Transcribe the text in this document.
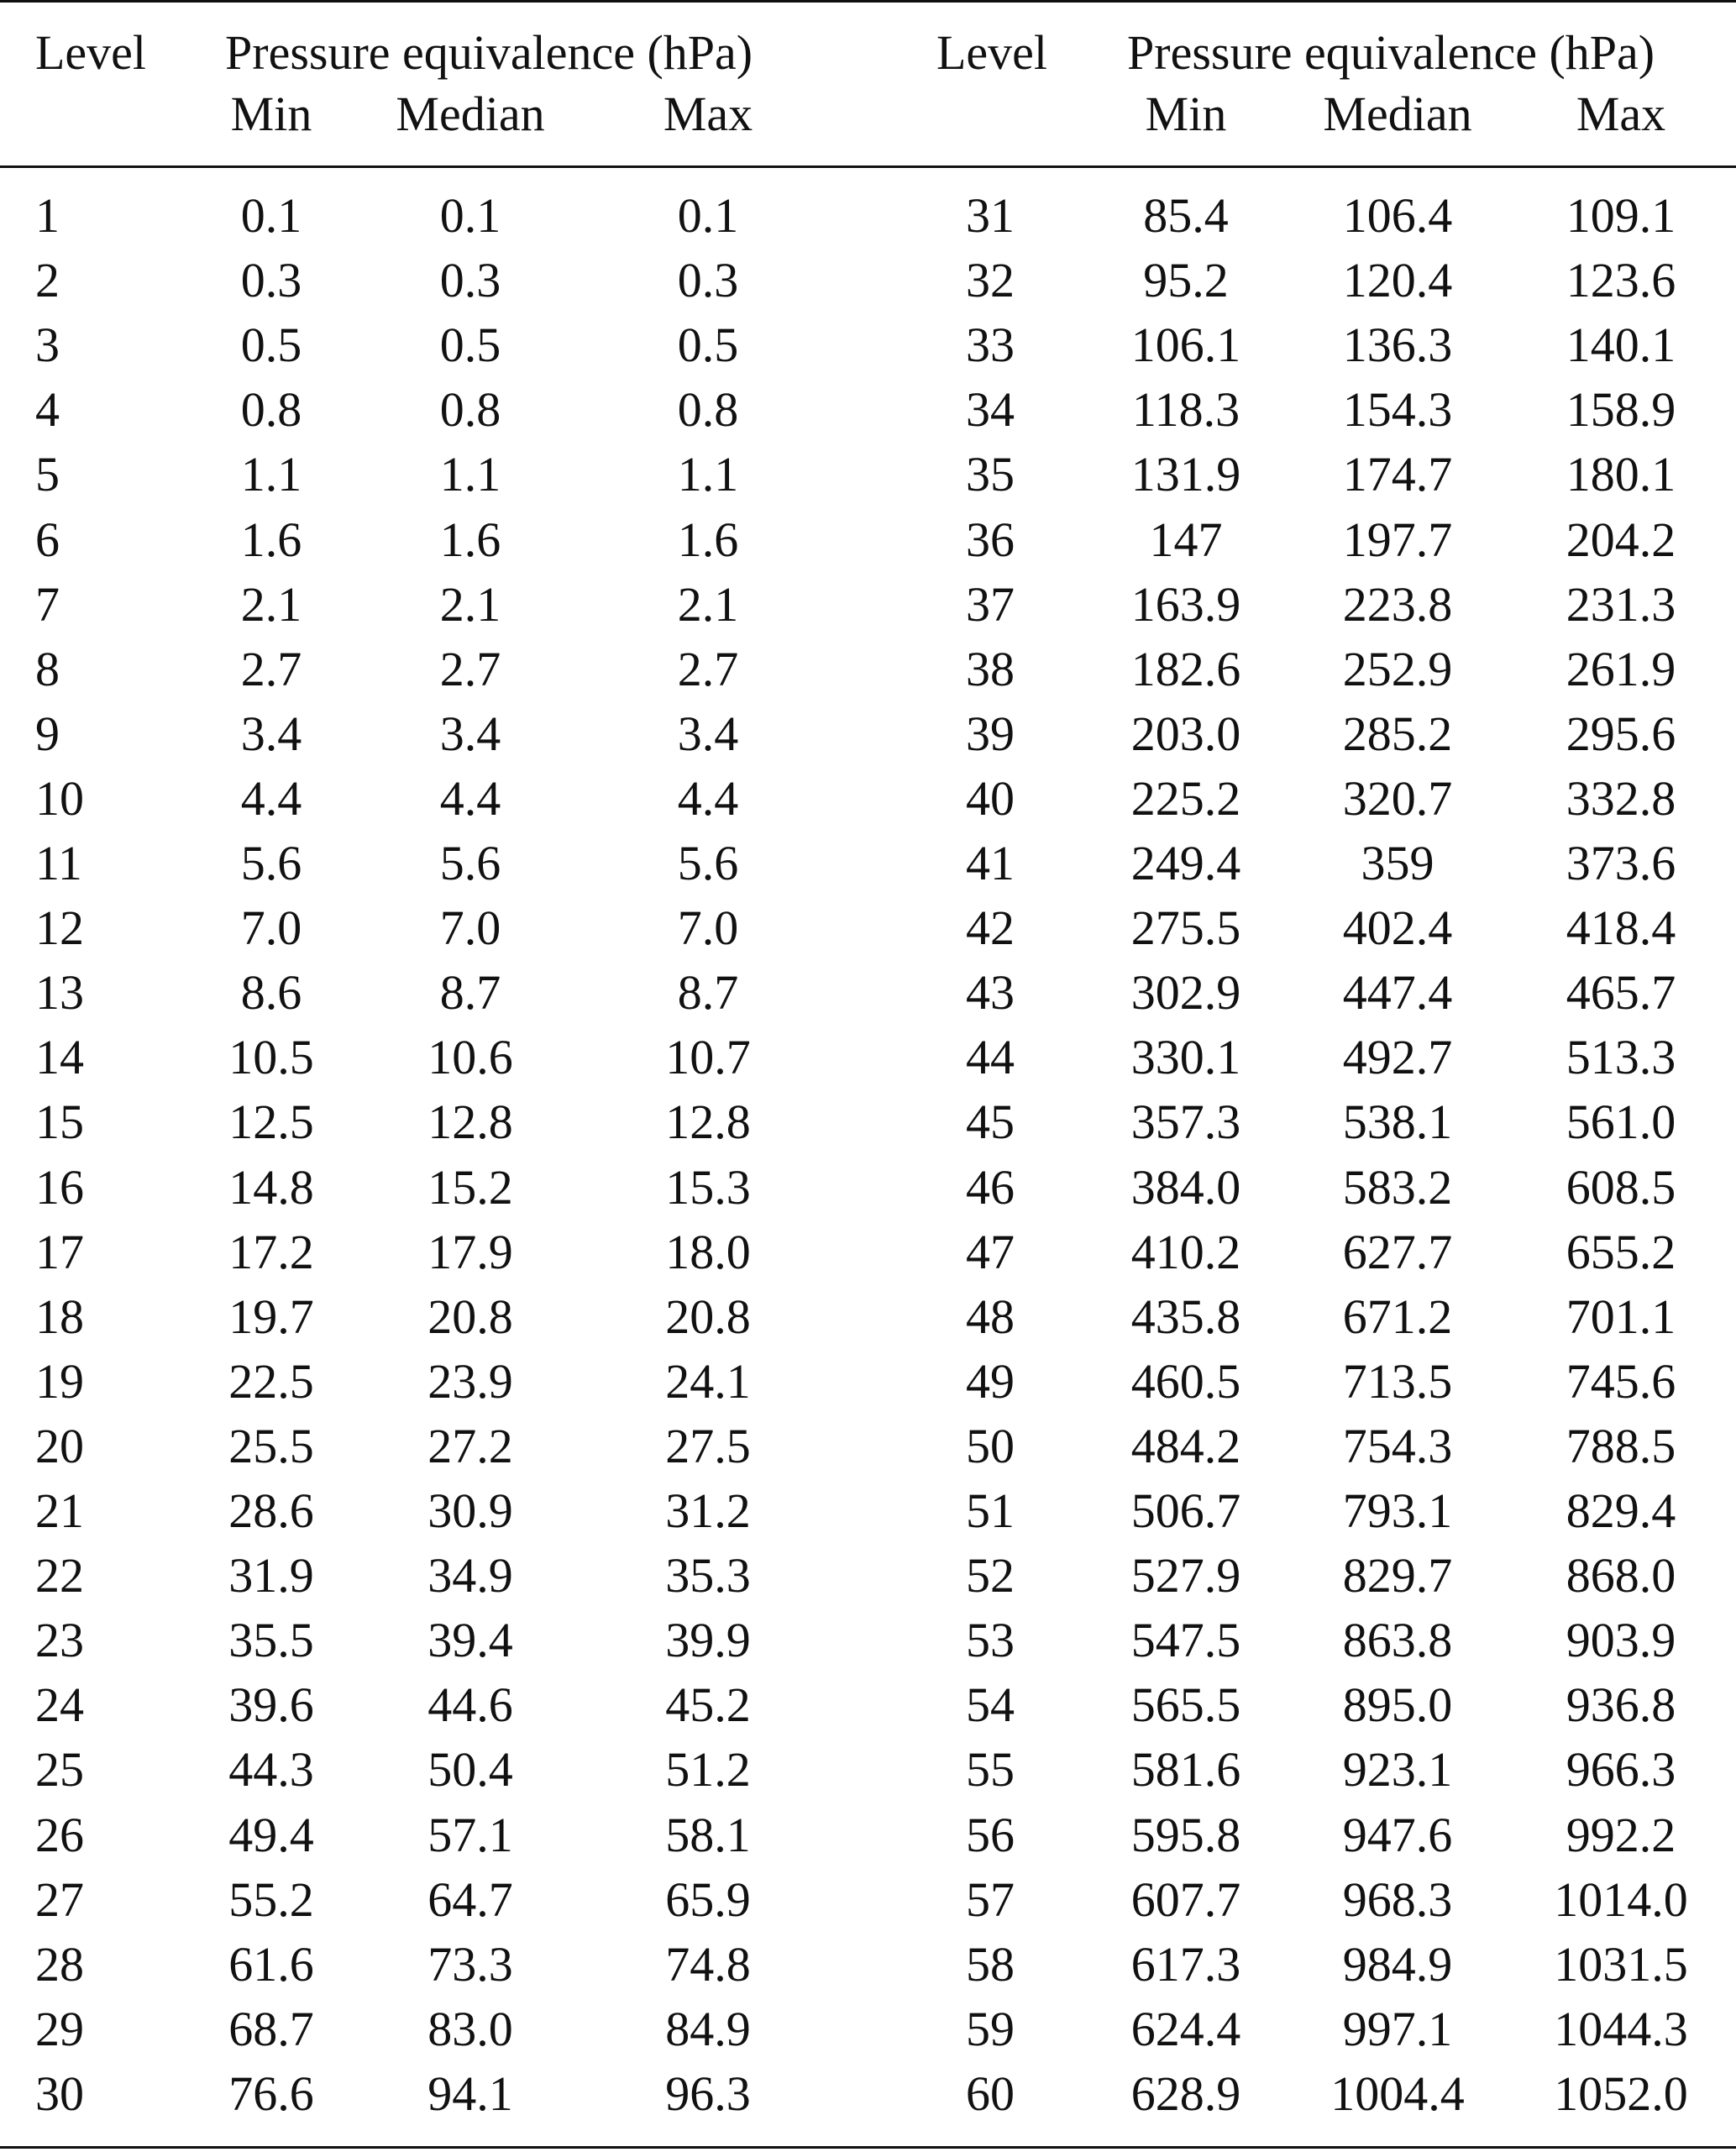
Level Pressure equivalence (hPa)
Min Median Max
Level Pressure equivalence (hPa)
Min Median Max
1	0.1	0.1	0.1
2	0.3	0.3	0.3
3	0.5	0.5	0.5
4	0.8	0.8	0.8
5	1.1	1.1	1.1
6	1.6	1.6	1.6
7	2.1	2.1	2.1
8	2.7	2.7	2.7
9	3.4	3.4	3.4
10	4.4	4.4	4.4
11	5.6	5.6	5.6
12	7.0	7.0	7.0
13	8.6	8.7	8.7
14	10.5 10.6	10.7
15	12.5 12.8	12.8
16	14.8 15.2	15.3
17	17.2 17.9	18.0
18	19.7 20.8	20.8
19	22.5 23.9	24.1
20	25.5 27.2	27.5
21	28.6 30.9	31.2
22	31.9 34.9	35.3
23	35.5 39.4	39.9
24	39.6 44.6	45.2
25	44.3 50.4	51.2
26	49.4 57.1	58.1
27	55.2 64.7	65.9
28	61.6 73.3	74.8
29	68.7 83.0	84.9
30	76.6 94.1	96.3
31	85.4 106.4 109.1
32	95.2 120.4 123.6
33 106.1 136.3 140.1
34 118.3 154.3 158.9
35 131.9 174.7 180.1
36	147 197.7 204.2
37 163.9 223.8 231.3
38 182.6 252.9 261.9
39 203.0 285.2 295.6
40 225.2 320.7 332.8
41 249.4 359	373.6
42 275.5 402.4 418.4
43 302.9 447.4 465.7
44 330.1 492.7 513.3
45 357.3 538.1 561.0
46 384.0 583.2 608.5
47 410.2 627.7 655.2
48 435.8 671.2 701.1
49 460.5 713.5 745.6
50 484.2 754.3 788.5
51 506.7 793.1 829.4
52 527.9 829.7 868.0
53 547.5 863.8 903.9
54 565.5 895.0 936.8
55 581.6 923.1 966.3
56 595.8 947.6 992.2
57 607.7 968.3 1014.0
58 617.3 984.9 1031.5
59 624.4 997.1 1044.3
60 628.9 1004.4 1052.0
